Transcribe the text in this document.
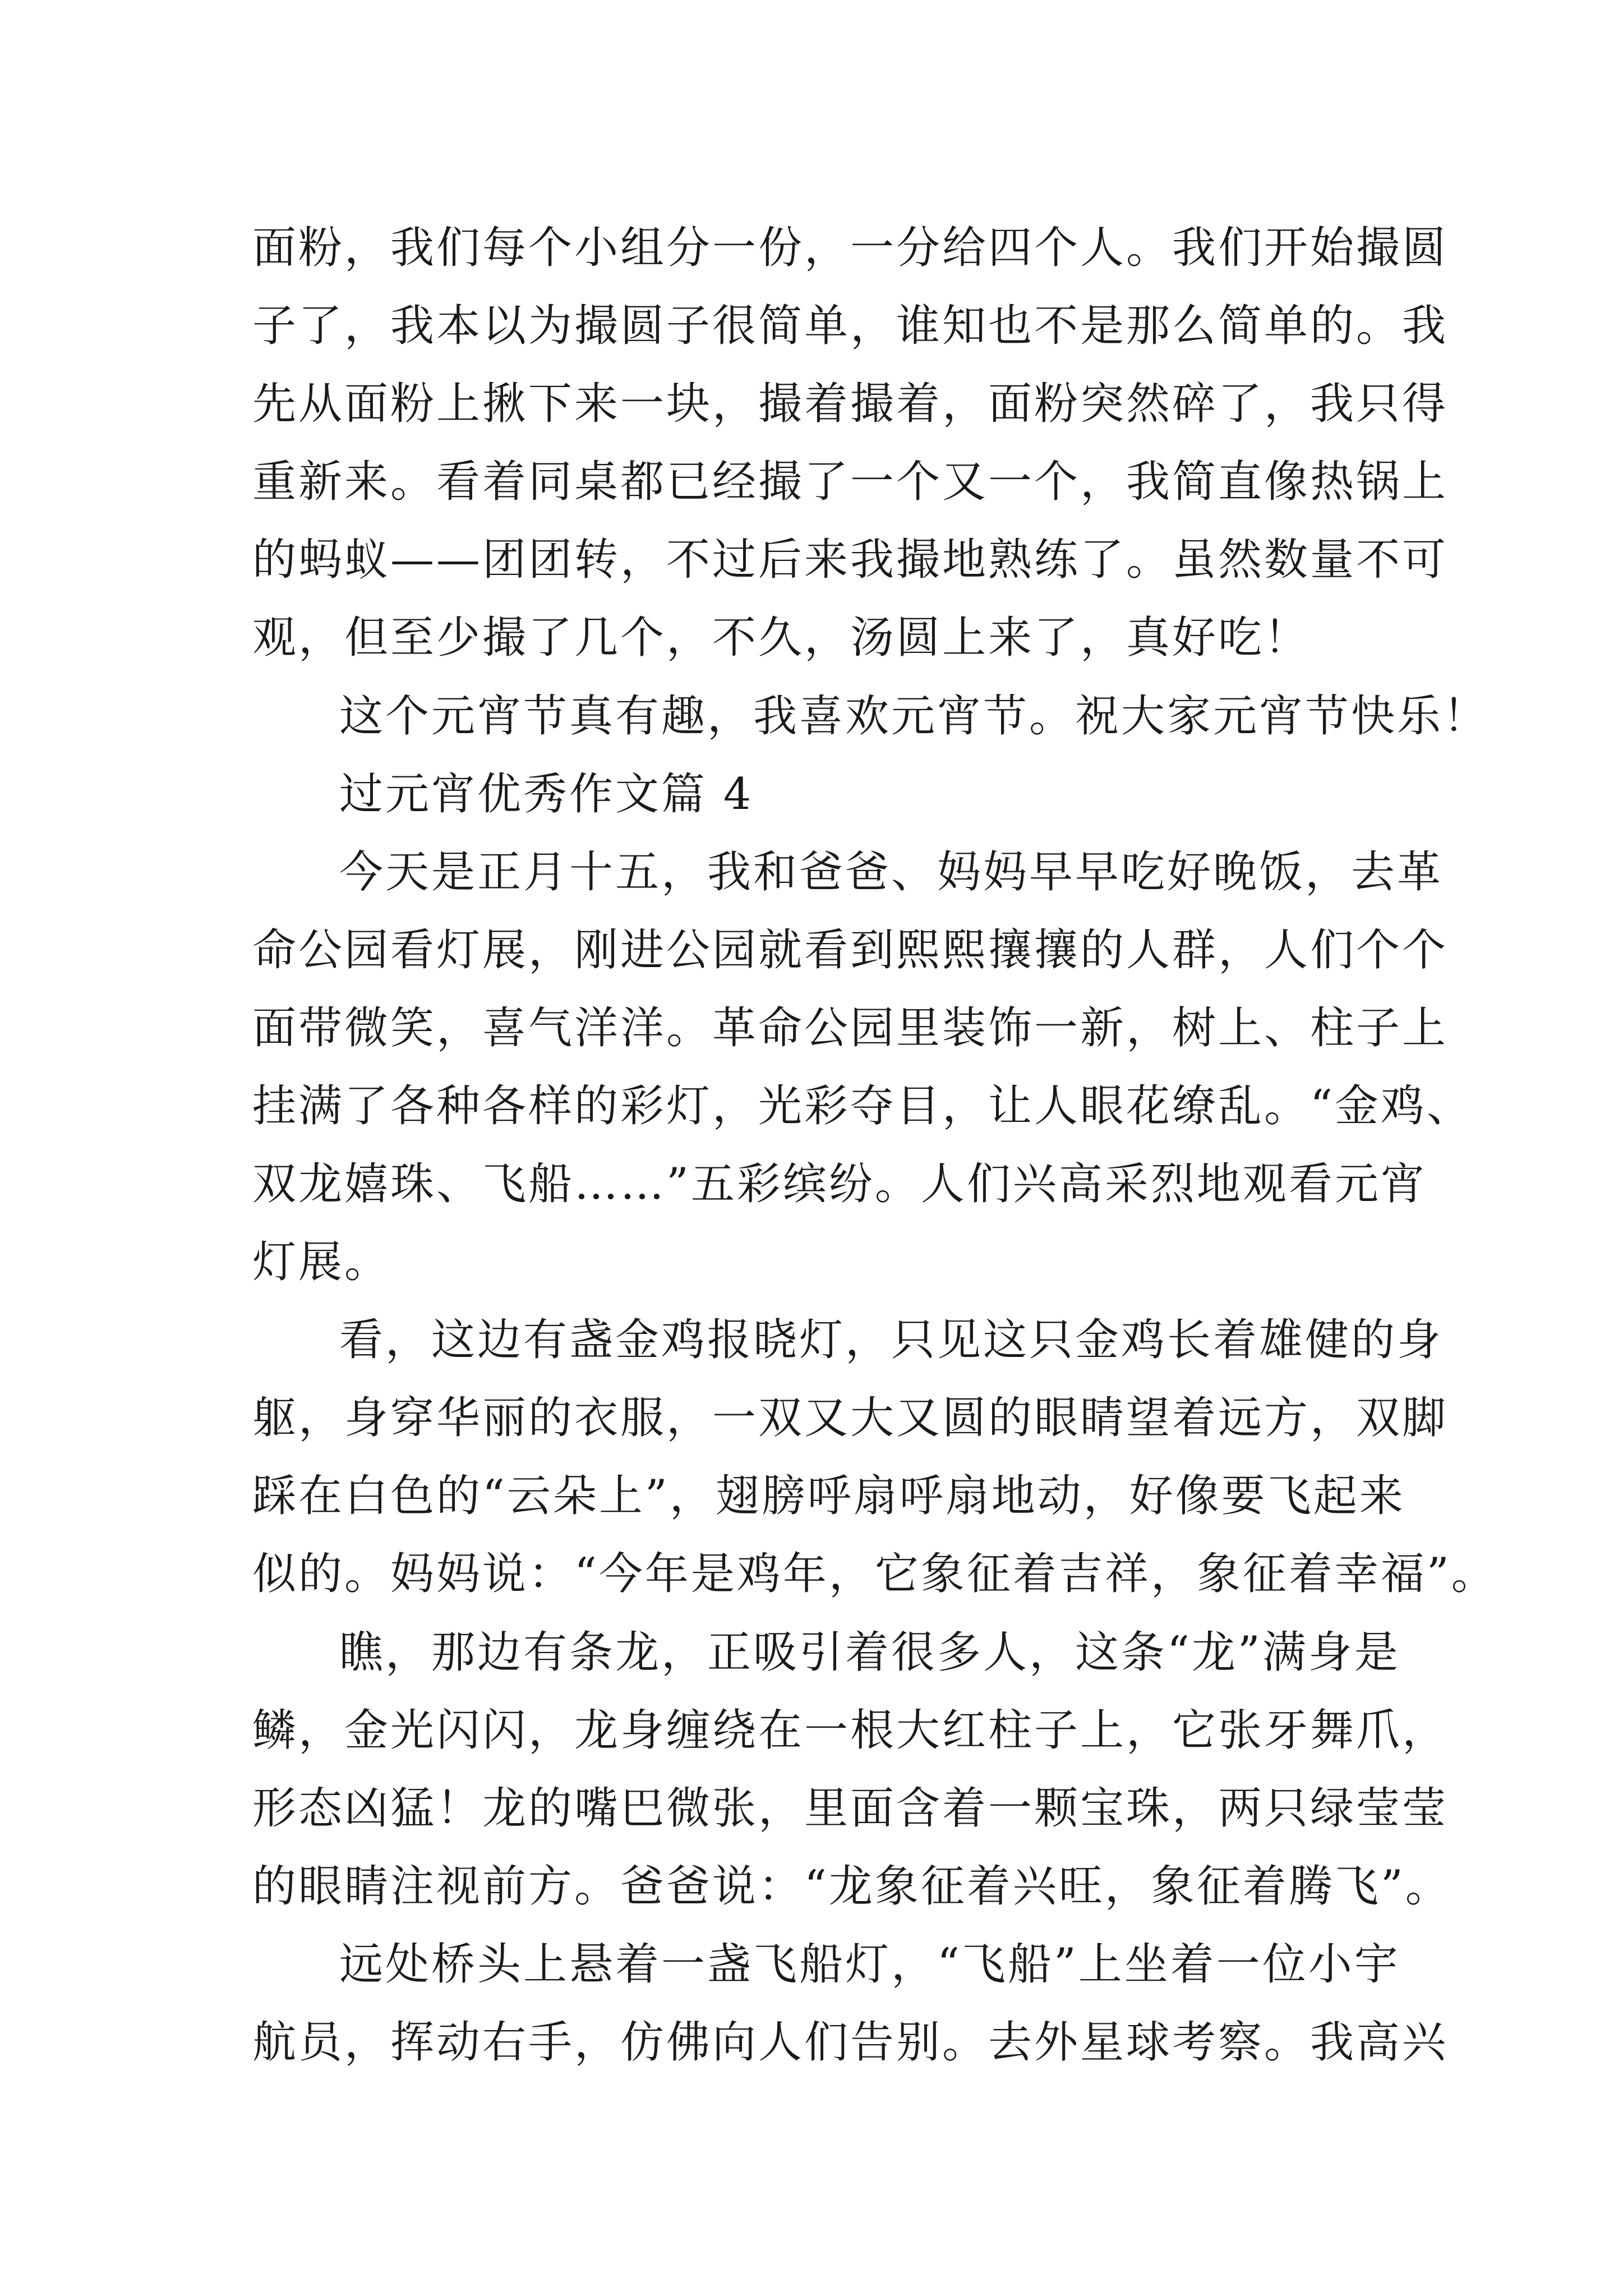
面粉，我们每个小组分一份，一分给四个人。我们开始撮圆

子了，我本以为撮圆子很简单，谁知也不是那么简单的。我

先从面粉上揪下来一块，撮着撮着，面粉突然碎了，我只得

重新来。看着同桌都已经撮了一个又一个，我简直像热锅上

的蚂蚁——团团转，不过后来我撮地熟练了。虽然数量不可

观，但至少撮了几个，不久，汤圆上来了，真好吃！

这个元宵节真有趣，我喜欢元宵节。祝大家元宵节快乐！

过元宵优秀作文篇 4

今天是正月十五，我和爸爸、妈妈早早吃好晚饭，去革

命公园看灯展，刚进公园就看到熙熙攘攘的人群，人们个个

面带微笑，喜气洋洋。革命公园里装饰一新，树上、柱子上

挂满了各种各样的彩灯，光彩夺目，让人眼花缭乱。“金鸡、

双龙嬉珠、飞船……”五彩缤纷。人们兴高采烈地观看元宵

灯展。

看，这边有盏金鸡报晓灯，只见这只金鸡长着雄健的身

躯，身穿华丽的衣服，一双又大又圆的眼睛望着远方，双脚

踩在白色的“云朵上”，翅膀呼扇呼扇地动，好像要飞起来

似的。妈妈说：“今年是鸡年，它象征着吉祥，象征着幸福”。

瞧，那边有条龙，正吸引着很多人，这条“龙”满身是

鳞，金光闪闪，龙身缠绕在一根大红柱子上，它张牙舞爪，

形态凶猛！龙的嘴巴微张，里面含着一颗宝珠，两只绿莹莹

的眼睛注视前方。爸爸说：“龙象征着兴旺，象征着腾飞”。

远处桥头上悬着一盏飞船灯，“飞船”上坐着一位小宇

航员，挥动右手，仿佛向人们告别。去外星球考察。我高兴
